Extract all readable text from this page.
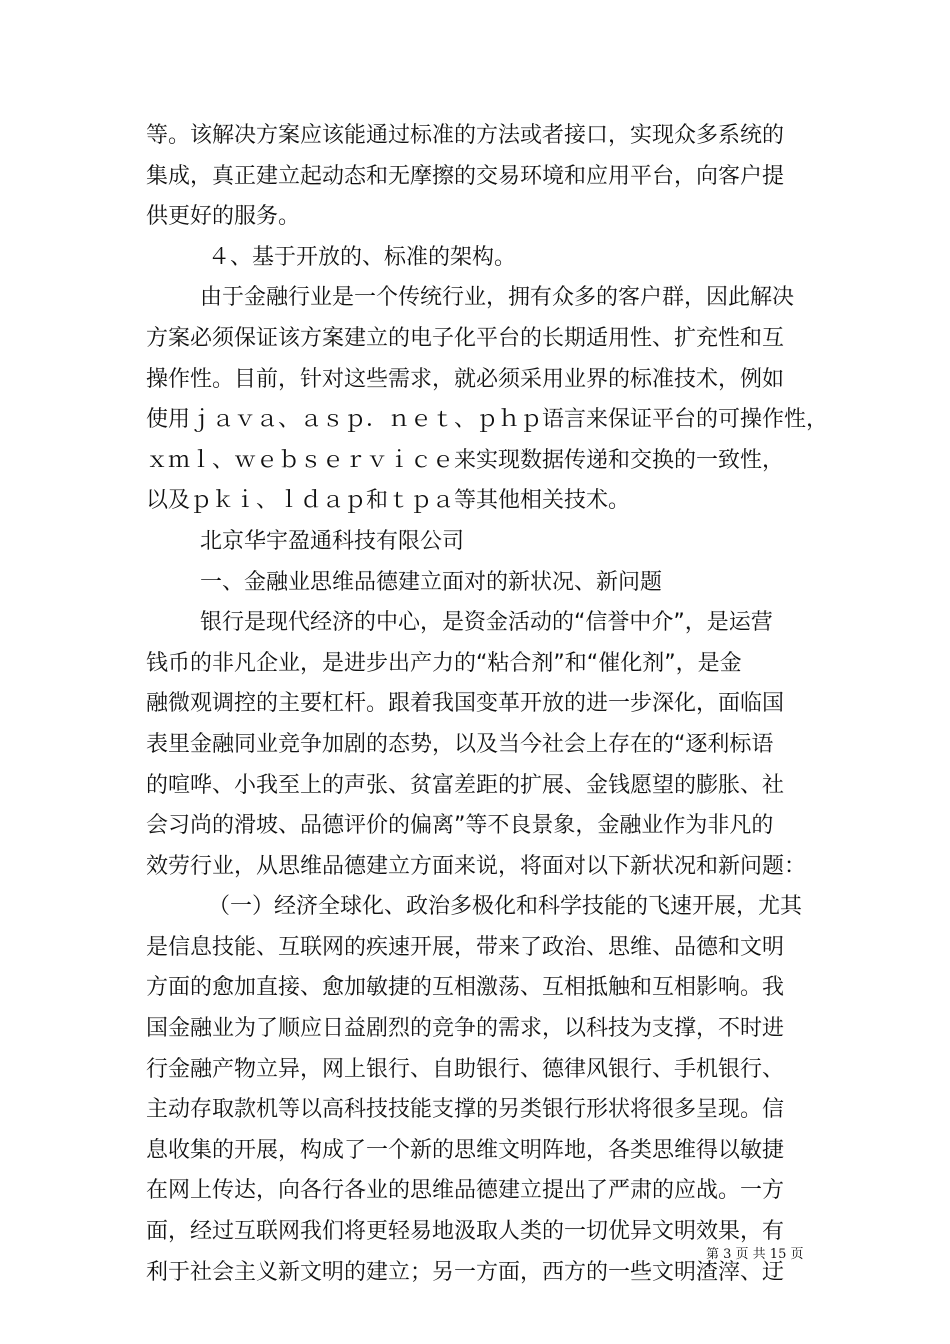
等。该解决方案应该能通过标准的方法或者接口，实现众多系统的
集成，真正建立起动态和无摩擦的交易环境和应用平台，向客户提
供更好的服务。
４、基于开放的、标准的架构。
由于金融行业是一个传统行业，拥有众多的客户群，因此解决
方案必须保证该方案建立的电子化平台的长期适用性、扩充性和互
操作性。目前，针对这些需求，就必须采用业界的标准技术，例如
使用ｊａｖａ、ａｓｐ．ｎｅｔ、ｐｈｐ语言来保证平台的可操作性，
ｘｍｌ、ｗｅｂｓｅｒｖｉｃｅ来实现数据传递和交换的一致性，
以及ｐｋｉ、ｌｄａｐ和ｔｐａ等其他相关技术。
北京华宇盈通科技有限公司
一、金融业思维品德建立面对的新状况、新问题
银行是现代经济的中心，是资金活动的“信誉中介”，是运营
钱币的非凡企业，是进步出产力的“粘合剂”和“催化剂”，是金
融微观调控的主要杠杆。跟着我国变革开放的进一步深化，面临国
表里金融同业竞争加剧的态势，以及当今社会上存在的“逐利标语
的喧哗、小我至上的声张、贫富差距的扩展、金钱愿望的膨胀、社
会习尚的滑坡、品德评价的偏离”等不良景象，金融业作为非凡的
效劳行业，从思维品德建立方面来说，将面对以下新状况和新问题：
（一）经济全球化、政治多极化和科学技能的飞速开展，尤其
是信息技能、互联网的疾速开展，带来了政治、思维、品德和文明
方面的愈加直接、愈加敏捷的互相激荡、互相抵触和互相影响。我
国金融业为了顺应日益剧烈的竞争的需求，以科技为支撑，不时进
行金融产物立异，网上银行、自助银行、德律风银行、手机银行、
主动存取款机等以高科技技能支撑的另类银行形状将很多呈现。信
息收集的开展，构成了一个新的思维文明阵地，各类思维得以敏捷
在网上传达，向各行各业的思维品德建立提出了严肃的应战。一方
面，经过互联网我们将更轻易地汲取人类的一切优异文明效果，有
利于社会主义新文明的建立；另一方面，西方的一些文明渣滓、迂
第 3 页 共 15 页
